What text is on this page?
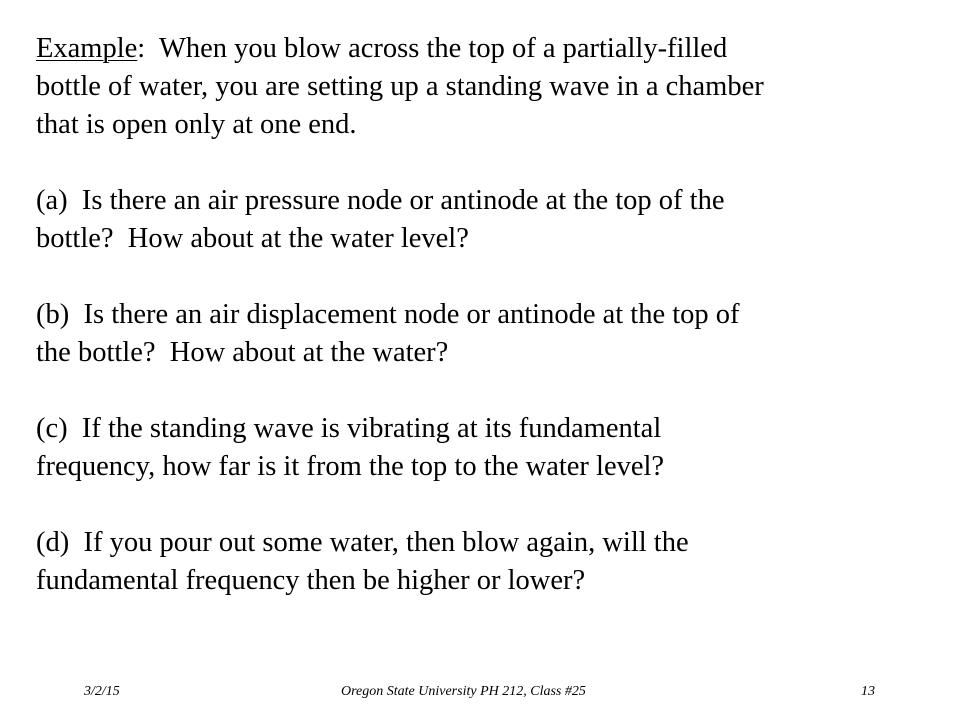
Example:  When you blow across the top of a partially-filled
bottle of water, you are setting up a standing wave in a chamber
that is open only at one end.

(a)  Is there an air pressure node or antinode at the top of the
bottle?  How about at the water level?

(b)  Is there an air displacement node or antinode at the top of
the bottle?  How about at the water?

(c)  If the standing wave is vibrating at its fundamental
frequency, how far is it from the top to the water level?

(d)  If you pour out some water, then blow again, will the
fundamental frequency then be higher or lower?

3/2/15	Oregon State University PH 212, Class #25	13
